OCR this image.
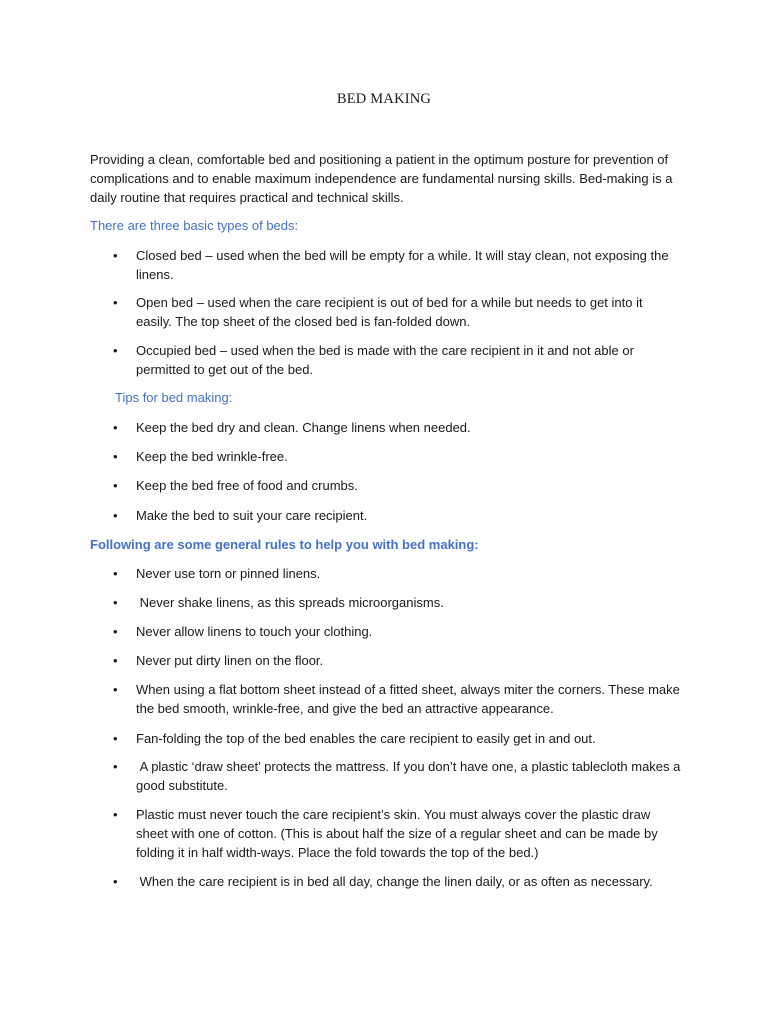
BED MAKING

Providing a clean, comfortable bed and positioning a patient in the optimum posture for prevention of complications and to enable maximum independence are fundamental nursing skills. Bed-making is a daily routine that requires practical and technical skills.

There are three basic types of beds:

• Closed bed – used when the bed will be empty for a while. It will stay clean, not exposing the linens.
• Open bed – used when the care recipient is out of bed for a while but needs to get into it easily. The top sheet of the closed bed is fan-folded down.
• Occupied bed – used when the bed is made with the care recipient in it and not able or permitted to get out of the bed.

Tips for bed making:

• Keep the bed dry and clean. Change linens when needed.
• Keep the bed wrinkle-free.
• Keep the bed free of food and crumbs.
• Make the bed to suit your care recipient.

Following are some general rules to help you with bed making:

• Never use torn or pinned linens.
• Never shake linens, as this spreads microorganisms.
• Never allow linens to touch your clothing.
• Never put dirty linen on the floor.
• When using a flat bottom sheet instead of a fitted sheet, always miter the corners. These make the bed smooth, wrinkle-free, and give the bed an attractive appearance.
• Fan-folding the top of the bed enables the care recipient to easily get in and out.
• A plastic ‘draw sheet’ protects the mattress. If you don’t have one, a plastic tablecloth makes a good substitute.
• Plastic must never touch the care recipient’s skin. You must always cover the plastic draw sheet with one of cotton. (This is about half the size of a regular sheet and can be made by folding it in half width-ways. Place the fold towards the top of the bed.)
• When the care recipient is in bed all day, change the linen daily, or as often as necessary.
